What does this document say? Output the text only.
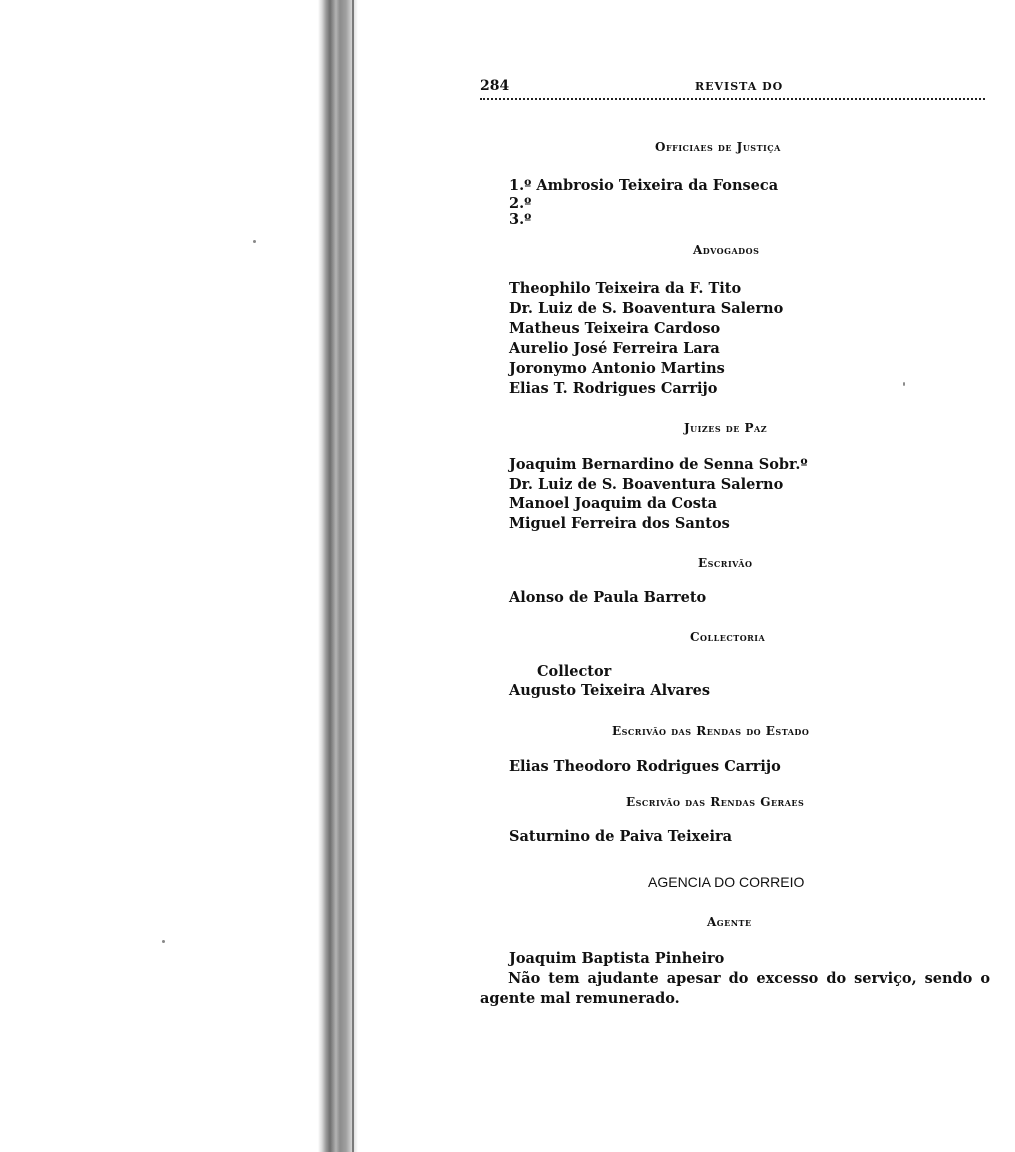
284	REVISTA DO
Officiaes de Justiça
1.º Ambrosio Teixeira da Fonseca
2.º
3.º
Advogados
Theophilo Teixeira da F. Tito
Dr. Luiz de S. Boaventura Salerno
Matheus Teixeira Cardoso
Aurelio José Ferreira Lara
Joronymo Antonio Martins
Elias T. Rodrigues Carrijo
Juizes de Paz
Joaquim Bernardino de Senna Sobr.º
Dr. Luiz de S. Boaventura Salerno
Manoel Joaquim da Costa
Miguel Ferreira dos Santos
Escrivão
Alonso de Paula Barreto
Collectoria
Collector
Augusto Teixeira Alvares
Escrivão das Rendas do Estado
Elias Theodoro Rodrigues Carrijo
Escrivão das Rendas Geraes
Saturnino de Paiva Teixeira
AGENCIA DO CORREIO
Agente
Joaquim Baptista Pinheiro
Não tem ajudante apesar do excesso do serviço, sendo o agente mal remunerado.
